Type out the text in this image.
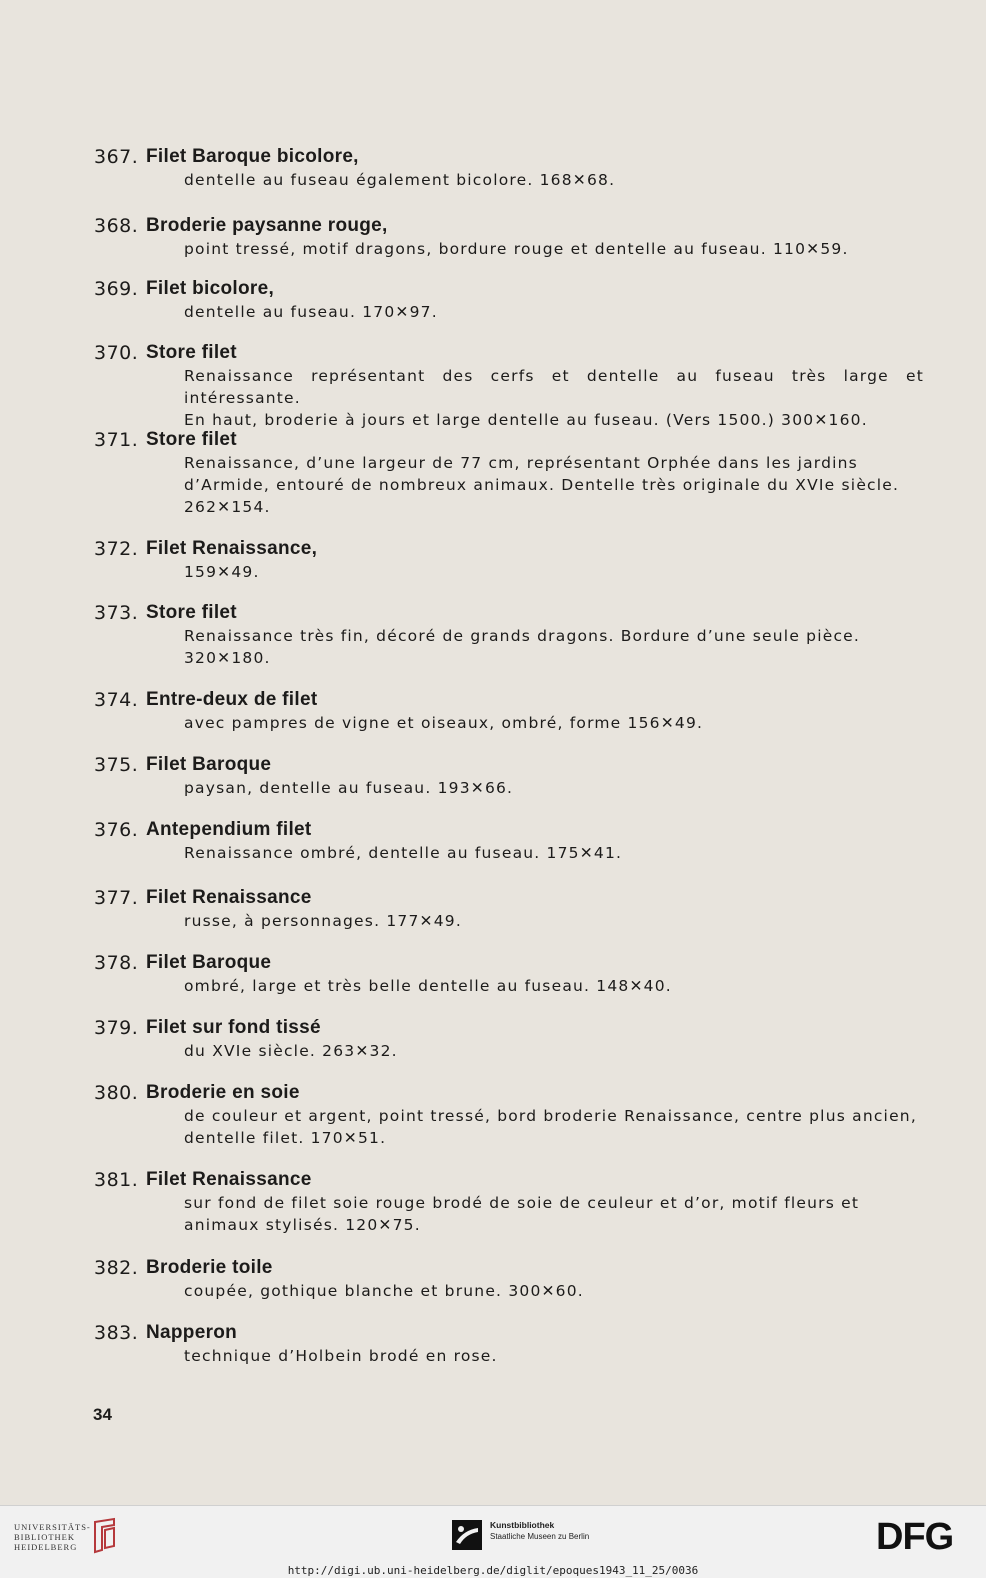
367. Filet Baroque bicolore,
dentelle au fuseau également bicolore. 168✕68.
368. Broderie paysanne rouge,
point tressé, motif dragons, bordure rouge et dentelle au fuseau. 110✕59.
369. Filet bicolore,
dentelle au fuseau. 170✕97.
370. Store filet
Renaissance représentant des cerfs et dentelle au fuseau très large et intéressante.
En haut, broderie à jours et large dentelle au fuseau. (Vers 1500.) 300✕160.
371. Store filet
Renaissance, d’une largeur de 77 cm, représentant Orphée dans les jardins
d’Armide, entouré de nombreux animaux. Dentelle très originale du XVIe siècle.
262✕154.
372. Filet Renaissance,
159✕49.
373. Store filet
Renaissance très fin, décoré de grands dragons. Bordure d’une seule pièce.
320✕180.
374. Entre-deux de filet
avec pampres de vigne et oiseaux, ombré, forme 156✕49.
375. Filet Baroque
paysan, dentelle au fuseau. 193✕66.
376. Antependium filet
Renaissance ombré, dentelle au fuseau. 175✕41.
377. Filet Renaissance
russe, à personnages. 177✕49.
378. Filet Baroque
ombré, large et très belle dentelle au fuseau. 148✕40.
379. Filet sur fond tissé
du XVIe siècle. 263✕32.
380. Broderie en soie
de couleur et argent, point tressé, bord broderie Renaissance, centre plus ancien,
dentelle filet. 170✕51.
381. Filet Renaissance
sur fond de filet soie rouge brodé de soie de ceuleur et d’or, motif fleurs et
animaux stylisés. 120✕75.
382. Broderie toile
coupée, gothique blanche et brune. 300✕60.
383. Napperon
technique d’Holbein brodé en rose.
34
UNIVERSITÄTS-
BIBLIOTHEK
HEIDELBERG
Kunstbibliothek
Staatliche Museen zu Berlin	DFG
http://digi.ub.uni-heidelberg.de/diglit/epoques1943_11_25/0036
